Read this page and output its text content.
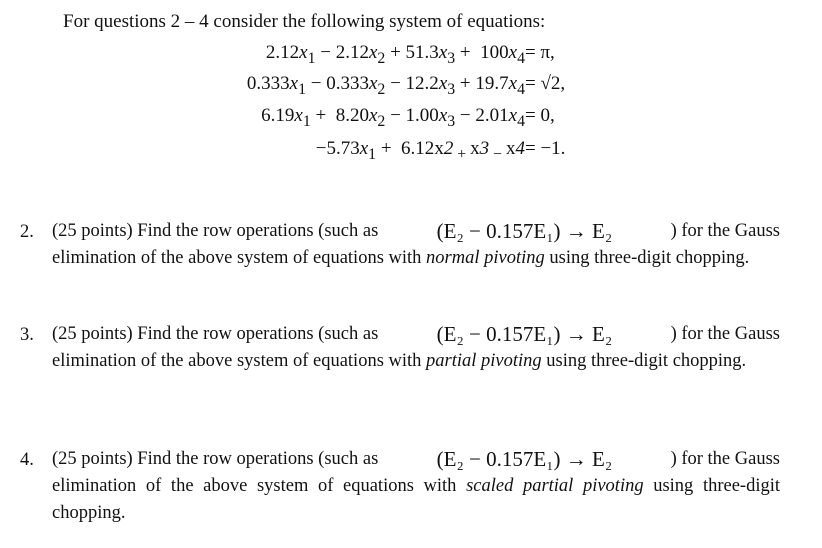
For questions 2 – 4 consider the following system of equations:
$2.12x_1 - 2.12x_2 + 51.3x_3 + 100x_4 = \pi$,
$0.333x_1 - 0.333x_2 - 12.2x_3 + 19.7x_4 = √2$,
$6.19x_1 + 8.20x_2 - 1.00x_3 - 2.01x_4 = 0$,
$-5.73x_1 + 6.12x2$ $_+$ x3 $_-$ x4 = −1.
2. (25 points) Find the row operations (such as	(E₂ − 0.157E₁) → E₂	) for the Gauss
elimination of the above system of equations with normal pivoting using three-digit chopping.
3. (25 points) Find the row operations (such as	(E₂ − 0.157E₁) → E₂	) for the Gauss
elimination of the above system of equations with partial pivoting using three-digit chopping.
4. (25 points) Find the row operations (such as	(E₂ − 0.157E₁) → E₂	) for the Gauss
elimination of the above system of equations with scaled partial pivoting using three-digit chopping.
